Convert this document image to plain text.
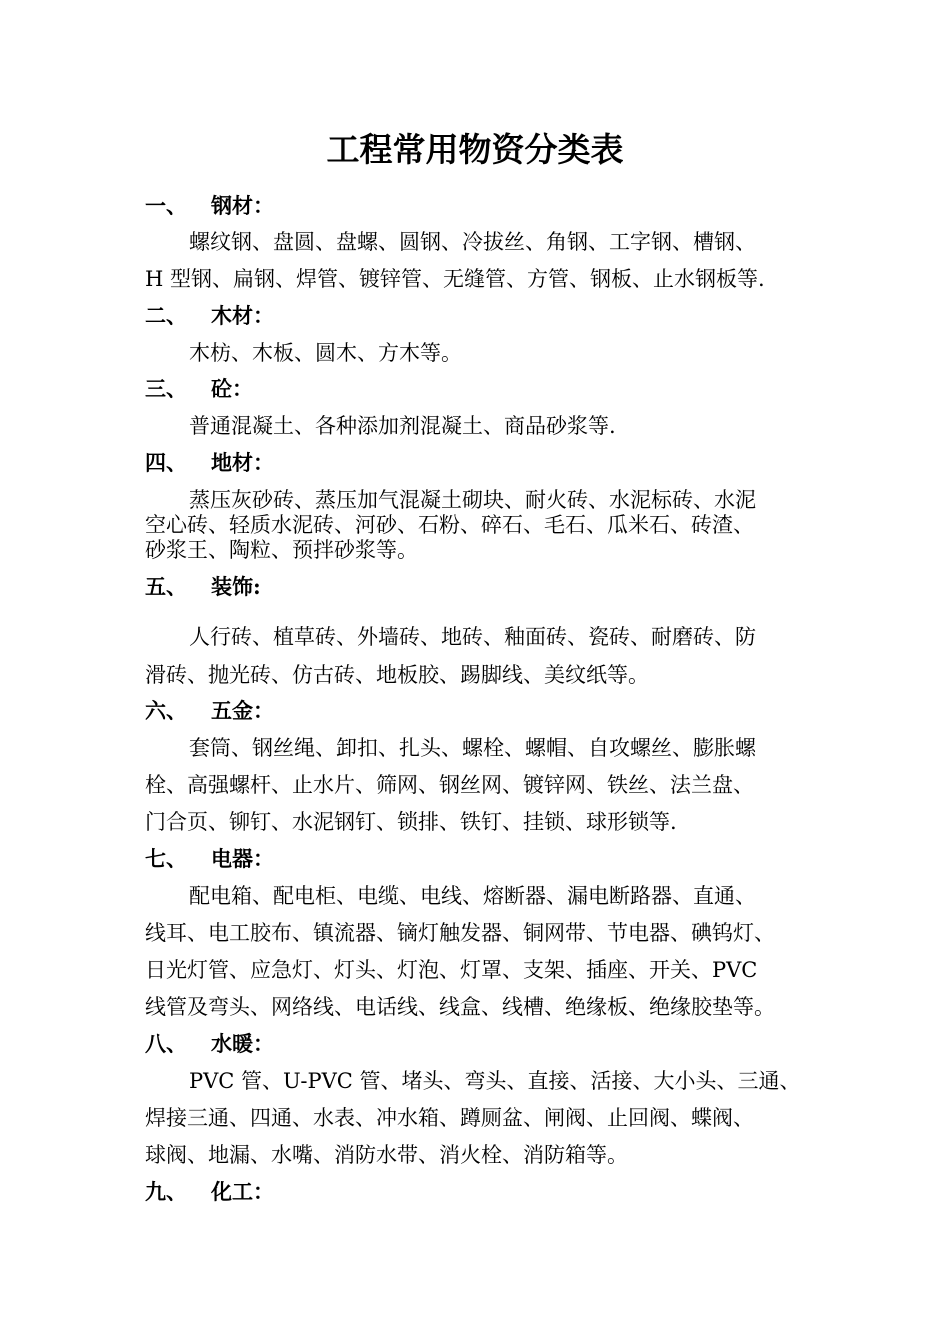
工程常用物资分类表
一、 钢材：
螺纹钢、盘圆、盘螺、圆钢、冷拔丝、角钢、工字钢、槽钢、
H 型钢、扁钢、焊管、镀锌管、无缝管、方管、钢板、止水钢板等.
二、 木材：
木枋、木板、圆木、方木等。
三、 砼：
普通混凝土、各种添加剂混凝土、商品砂浆等.
四、 地材：
蒸压灰砂砖、蒸压加气混凝土砌块、耐火砖、水泥标砖、水泥
空心砖、轻质水泥砖、河砂、石粉、碎石、毛石、瓜米石、砖渣、
砂浆王、陶粒、预拌砂浆等。
五、 装饰:
人行砖、植草砖、外墙砖、地砖、釉面砖、瓷砖、耐磨砖、防
滑砖、抛光砖、仿古砖、地板胶、踢脚线、美纹纸等。
六、 五金：
套筒、钢丝绳、卸扣、扎头、螺栓、螺帽、自攻螺丝、膨胀螺
栓、高强螺杆、止水片、筛网、钢丝网、镀锌网、铁丝、法兰盘、
门合页、铆钉、水泥钢钉、锁排、铁钉、挂锁、球形锁等.
七、 电器：
配电箱、配电柜、电缆、电线、熔断器、漏电断路器、直通、
线耳、电工胶布、镇流器、镝灯触发器、铜网带、节电器、碘钨灯、
日光灯管、应急灯、灯头、灯泡、灯罩、支架、插座、开关、PVC
线管及弯头、网络线、电话线、线盒、线槽、绝缘板、绝缘胶垫等。
八、 水暖：
PVC 管、U-PVC 管、堵头、弯头、直接、活接、大小头、三通、
焊接三通、四通、水表、冲水箱、蹲厕盆、闸阀、止回阀、蝶阀、
球阀、地漏、水嘴、消防水带、消火栓、消防箱等。
九、 化工：
